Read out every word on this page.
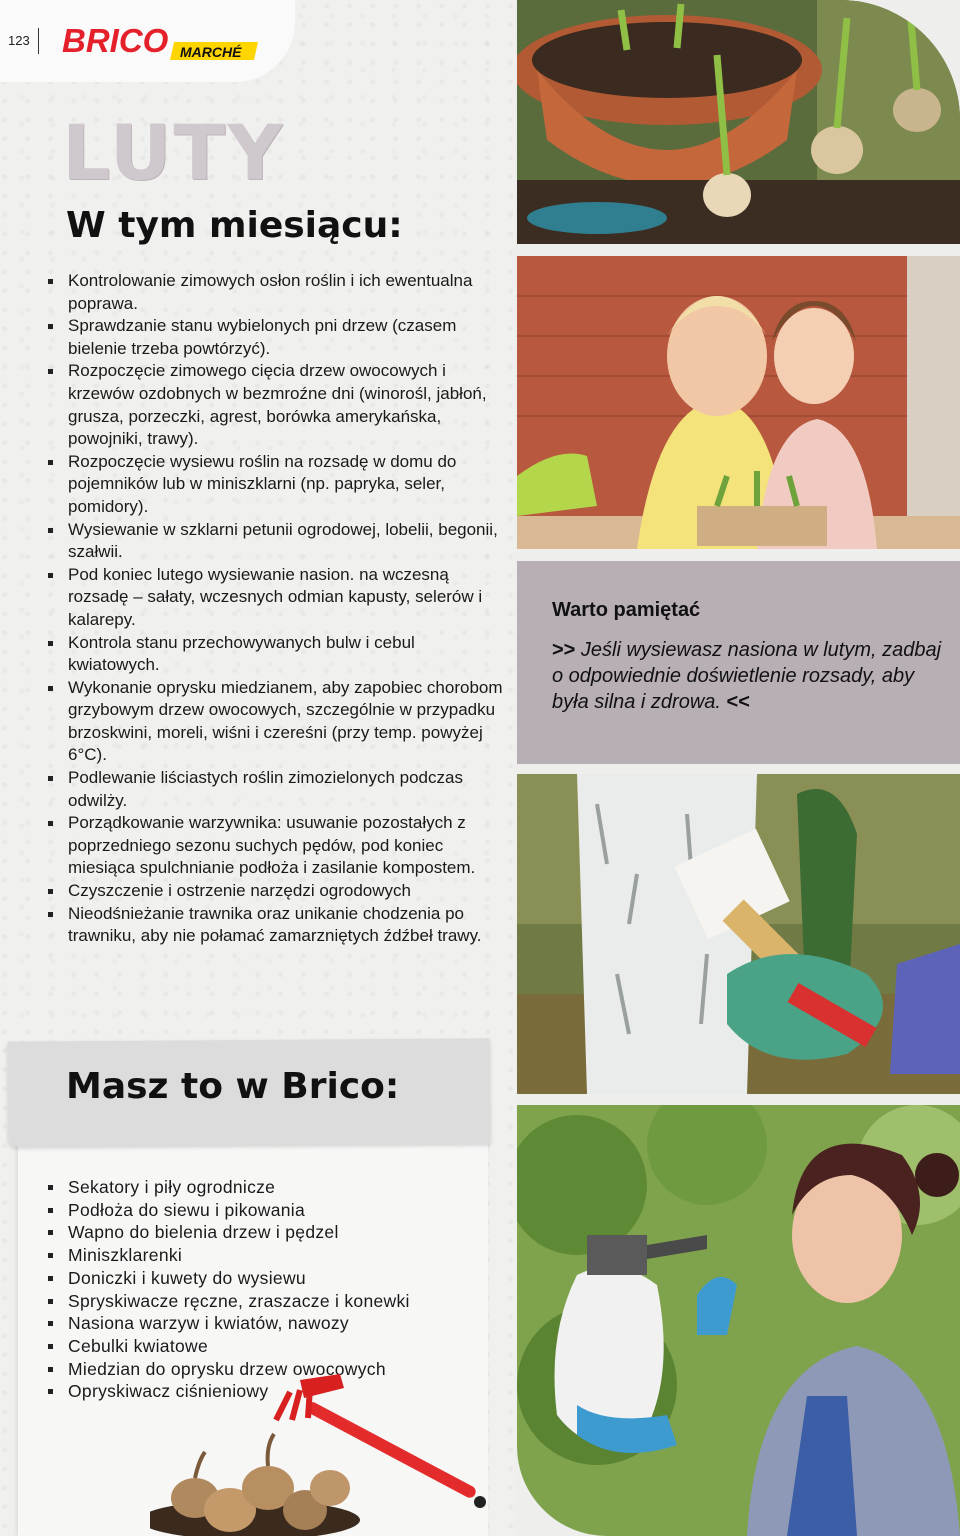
123 BRICO MARCHÉ
LUTY
W tym miesiącu:
Kontrolowanie zimowych osłon roślin i ich ewentualna poprawa.
Sprawdzanie stanu wybielonych pni drzew (czasem bielenie trzeba powtórzyć).
Rozpoczęcie zimowego cięcia drzew owocowych i krzewów ozdobnych w bezmroźne dni (winorośl, jabłoń, grusza, porzeczki, agrest, borówka amerykańska, powojniki, trawy).
Rozpoczęcie wysiewu roślin na rozsadę w domu do pojemników lub w miniszklarni (np. papryka, seler, pomidory).
Wysiewanie w szklarni petunii ogrodowej, lobelii, begonii, szałwii.
Pod koniec lutego wysiewanie nasion. na wczesną rozsadę – sałaty, wczesnych odmian kapusty, selerów i kalarepy.
Kontrola stanu przechowywanych bulw i cebul kwiatowych.
Wykonanie oprysku miedzianem, aby zapobiec chorobom grzybowym drzew owocowych, szczególnie w przypadku brzoskwini, moreli, wiśni i czereśni (przy temp. powyżej 6°C).
Podlewanie liściastych roślin zimozielonych podczas odwilży.
Porządkowanie warzywnika: usuwanie pozostałych z poprzedniego sezonu suchych pędów, pod koniec miesiąca spulchnianie podłoża i zasilanie kompostem.
Czyszczenie i ostrzenie narzędzi ogrodowych
Nieodśnieżanie trawnika oraz unikanie chodzenia po trawniku, aby nie połamać zamarzniętych źdźbeł trawy.
Masz to w Brico:
Sekatory i piły ogrodnicze
Podłoża do siewu i pikowania
Wapno do bielenia drzew i pędzel
Miniszklarenki
Doniczki i kuwety do wysiewu
Spryskiwacze ręczne, zraszacze i konewki
Nasiona warzyw i kwiatów, nawozy
Cebulki kwiatowe
Miedzian do oprysku drzew owocowych
Opryskiwacz ciśnieniowy
Warto pamiętać
>> Jeśli wysiewasz nasiona w lutym, zadbaj o odpowiednie doświetlenie rozsady, aby była silna i zdrowa. <<
